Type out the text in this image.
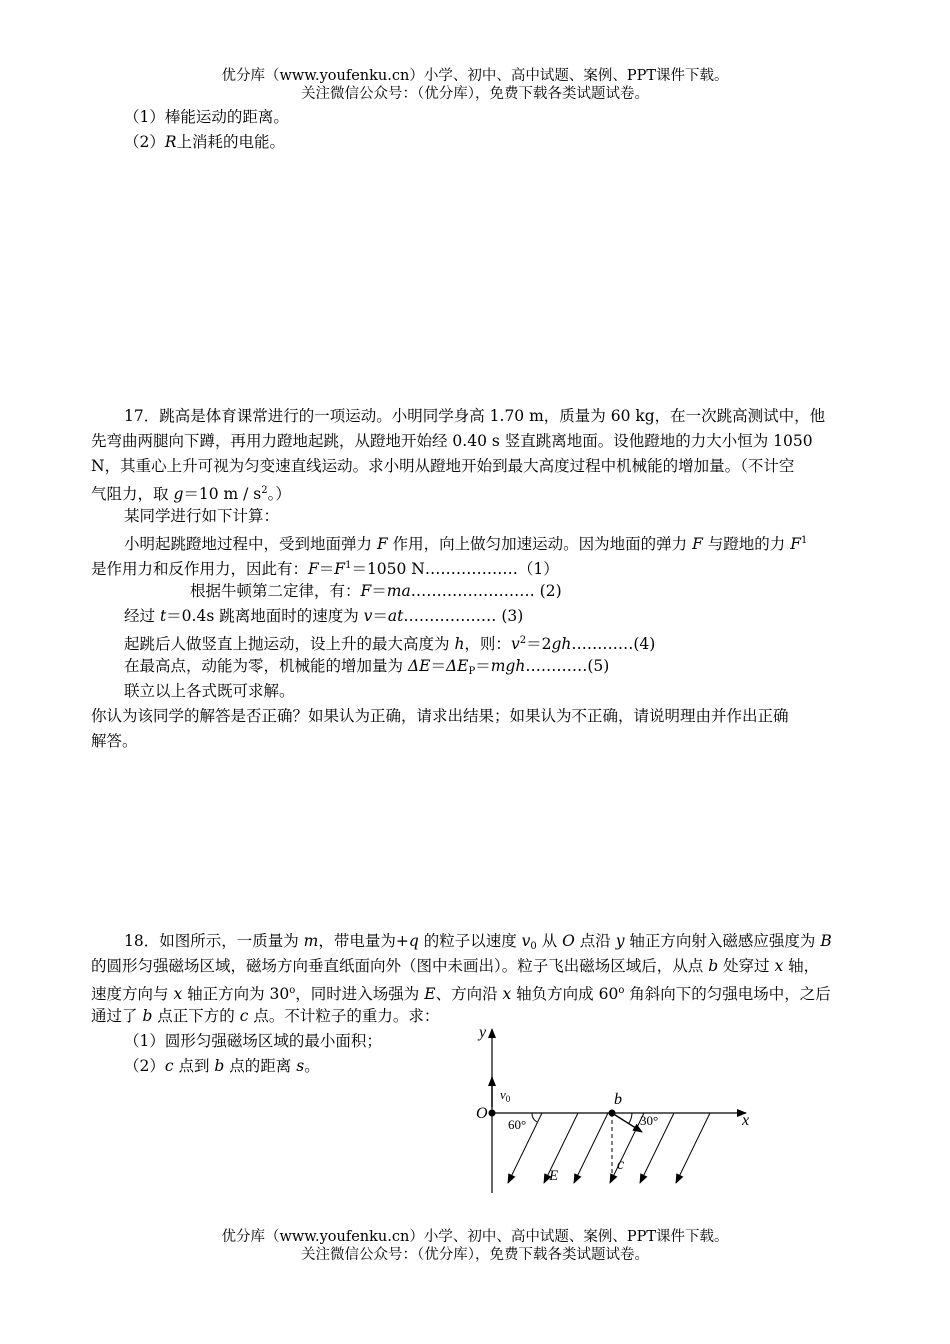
优分库（www.youfenku.cn）小学、初中、高中试题、案例、PPT课件下载。
关注微信公众号：（优分库），免费下载各类试题试卷。
（1）棒能运动的距离。
（2）R上消耗的电能。
17．跳高是体育课常进行的一项运动。小明同学身高 1.70 m，质量为 60 kg，在一次跳高测试中，他
先弯曲两腿向下蹲，再用力蹬地起跳，从蹬地开始经 0.40 s 竖直跳离地面。设他蹬地的力大小恒为 1050
N，其重心上升可视为匀变速直线运动。求小明从蹬地开始到最大高度过程中机械能的增加量。（不计空
气阻力，取 g＝10 m / $s^2$。）
某同学进行如下计算：
小明起跳蹬地过程中，受到地面弹力 F 作用，向上做匀加速运动。因为地面的弹力 F 与蹬地的力 $F^1$
是作用力和反作用力，因此有：$F=F^1=1050$ N………………（1）
根据牛顿第二定律，有：F＝ma…………………… (2)
经过 t＝0.4s 跳离地面时的速度为 v＝at……………… (3)
起跳后人做竖直上抛运动，设上升的最大高度为 h，则：$v^2=2gh\dots\dots\dots\dots(4)$
在最高点，动能为零，机械能的增加量为 $\Delta E=\Delta E_P=mgh\dots\dots\dots\dots(5)$
联立以上各式既可求解。
你认为该同学的解答是否正确？如果认为正确，请求出结果；如果认为不正确，请说明理由并作出正确
解答。
18．如图所示，一质量为 m，带电量为+q 的粒子以速度 $v_0$ 从 O 点沿 y 轴正方向射入磁感应强度为 B
的圆形匀强磁场区域，磁场方向垂直纸面向外（图中未画出）。粒子飞出磁场区域后，从点 b 处穿过 x 轴，
速度方向与 x 轴正方向为 30$^o$，同时进入场强为 E、方向沿 x 轴负方向成 60$^o$ 角斜向下的匀强电场中，之后
通过了 b 点正下方的 c 点。不计粒子的重力。求：
（1）圆形匀强磁场区域的最小面积；
（2）c 点到 b 点的距离 s。
y
x
O
$v_0$
E
60°
b
c
30°
优分库（www.youfenku.cn）小学、初中、高中试题、案例、PPT课件下载。
关注微信公众号：（优分库），免费下载各类试题试卷。
